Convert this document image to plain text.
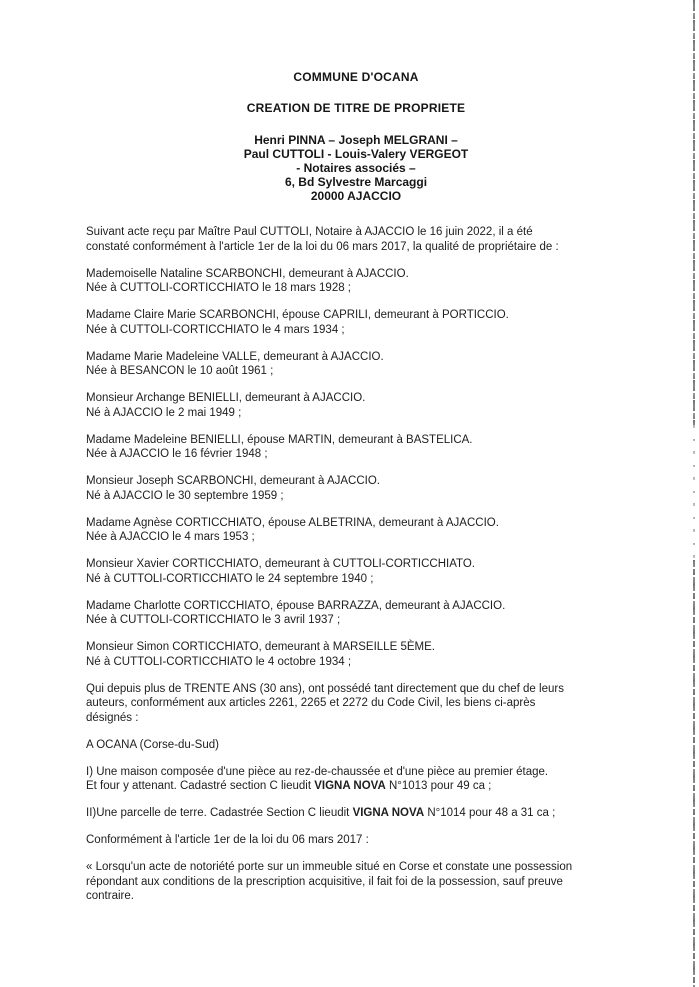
COMMUNE D'OCANA
CREATION DE TITRE DE PROPRIETE
Henri PINNA – Joseph MELGRANI –
Paul CUTTOLI - Louis-Valery VERGEOT
- Notaires associés –
6, Bd Sylvestre Marcaggi
20000 AJACCIO
Suivant acte reçu par Maître Paul CUTTOLI, Notaire à AJACCIO le 16 juin 2022, il a été
constaté conformément à l'article 1er de la loi du 06 mars 2017, la qualité de propriétaire de :
Mademoiselle Nataline SCARBONCHI, demeurant à AJACCIO.
Née à CUTTOLI-CORTICCHIATO le 18 mars 1928 ;
Madame Claire Marie SCARBONCHI, épouse CAPRILI, demeurant à PORTICCIO.
Née à CUTTOLI-CORTICCHIATO le 4 mars 1934 ;
Madame Marie Madeleine VALLE, demeurant à AJACCIO.
Née à BESANCON le 10 août 1961 ;
Monsieur Archange BENIELLI, demeurant à AJACCIO.
Né à AJACCIO le 2 mai 1949 ;
Madame Madeleine BENIELLI, épouse MARTIN, demeurant à BASTELICA.
Née à AJACCIO le 16 février 1948 ;
Monsieur Joseph SCARBONCHI, demeurant à AJACCIO.
Né à AJACCIO le 30 septembre 1959 ;
Madame Agnèse CORTICCHIATO, épouse ALBETRINA, demeurant à AJACCIO.
Née à AJACCIO le 4 mars 1953 ;
Monsieur Xavier CORTICCHIATO, demeurant à CUTTOLI-CORTICCHIATO.
Né à CUTTOLI-CORTICCHIATO le 24 septembre 1940 ;
Madame Charlotte CORTICCHIATO, épouse BARRAZZA, demeurant à AJACCIO.
Née à CUTTOLI-CORTICCHIATO le 3 avril 1937 ;
Monsieur Simon CORTICCHIATO, demeurant à MARSEILLE 5ÈME.
Né à CUTTOLI-CORTICCHIATO le 4 octobre 1934 ;
Qui depuis plus de TRENTE ANS (30 ans), ont possédé tant directement que du chef de leurs
auteurs, conformément aux articles 2261, 2265 et 2272 du Code Civil, les biens ci-après
désignés :
A OCANA (Corse-du-Sud)
I) Une maison composée d'une pièce au rez-de-chaussée et d'une pièce au premier étage.
Et four y attenant. Cadastré section C lieudit VIGNA NOVA N°1013 pour 49 ca ;
II)Une parcelle de terre. Cadastrée Section C lieudit VIGNA NOVA N°1014 pour 48 a 31 ca ;
Conformément à l'article 1er de la loi du 06 mars 2017 :
« Lorsqu'un acte de notoriété porte sur un immeuble situé en Corse et constate une possession
répondant aux conditions de la prescription acquisitive, il fait foi de la possession, sauf preuve
contraire.
